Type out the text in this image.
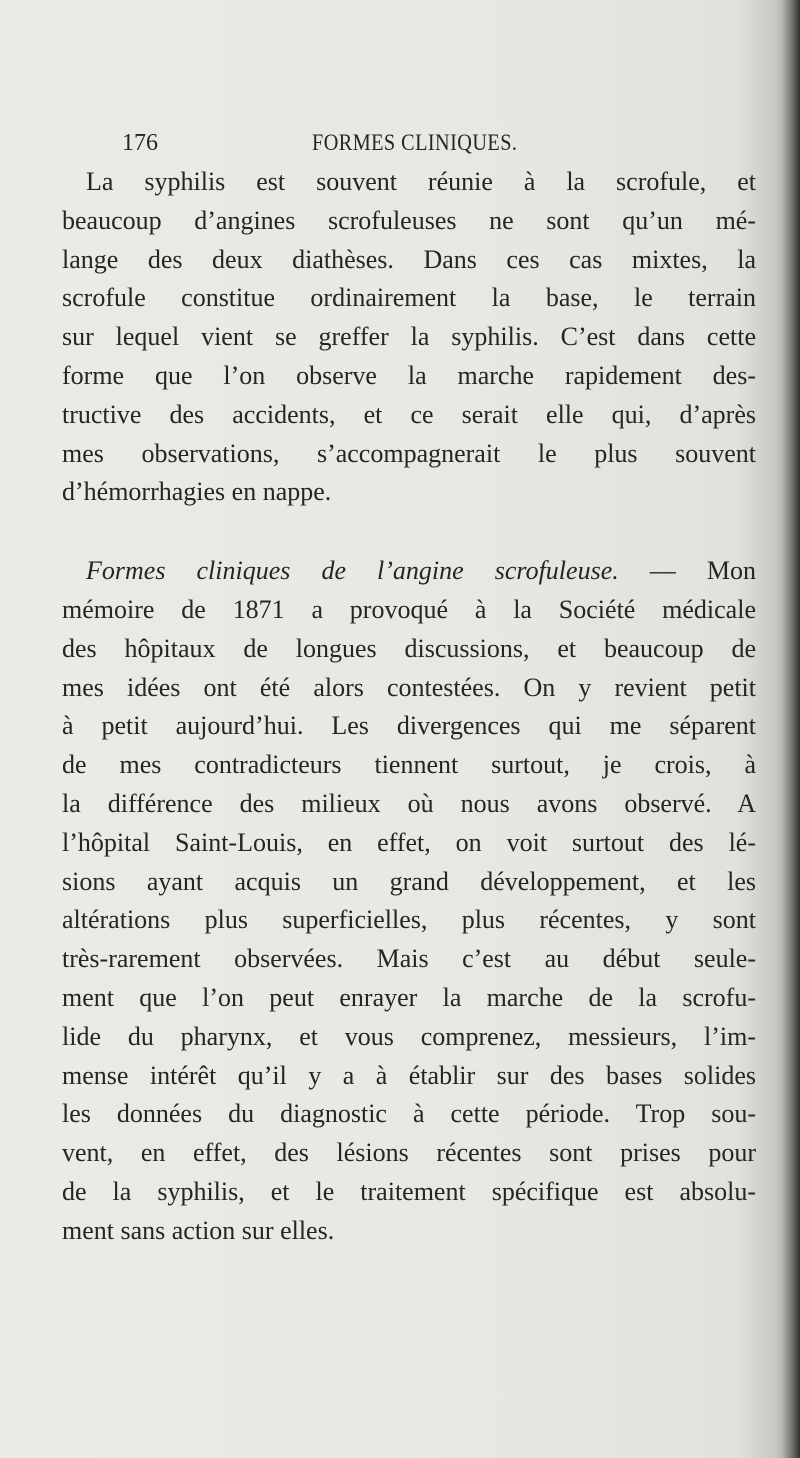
176	FORMES CLINIQUES.
La syphilis est souvent réunie à la scrofule, et
beaucoup d’angines scrofuleuses ne sont qu’un mé-
lange des deux diathèses. Dans ces cas mixtes, la
scrofule constitue ordinairement la base, le terrain
sur lequel vient se greffer la syphilis. C’est dans cette
forme que l’on observe la marche rapidement des-
tructive des accidents, et ce serait elle qui, d’après
mes observations, s’accompagnerait le plus souvent
d’hémorrhagies en nappe.
Formes cliniques de l’angine scrofuleuse. — Mon
mémoire de 1871 a provoqué à la Société médicale
des hôpitaux de longues discussions, et beaucoup de
mes idées ont été alors contestées. On y revient petit
à petit aujourd’hui. Les divergences qui me séparent
de mes contradicteurs tiennent surtout, je crois, à
la différence des milieux où nous avons observé. A
l’hôpital Saint-Louis, en effet, on voit surtout des lé-
sions ayant acquis un grand développement, et les
altérations plus superficielles, plus récentes, y sont
très-rarement observées. Mais c’est au début seule-
ment que l’on peut enrayer la marche de la scrofu-
lide du pharynx, et vous comprenez, messieurs, l’im-
mense intérêt qu’il y a à établir sur des bases solides
les données du diagnostic à cette période. Trop sou-
vent, en effet, des lésions récentes sont prises pour
de la syphilis, et le traitement spécifique est absolu-
ment sans action sur elles.
